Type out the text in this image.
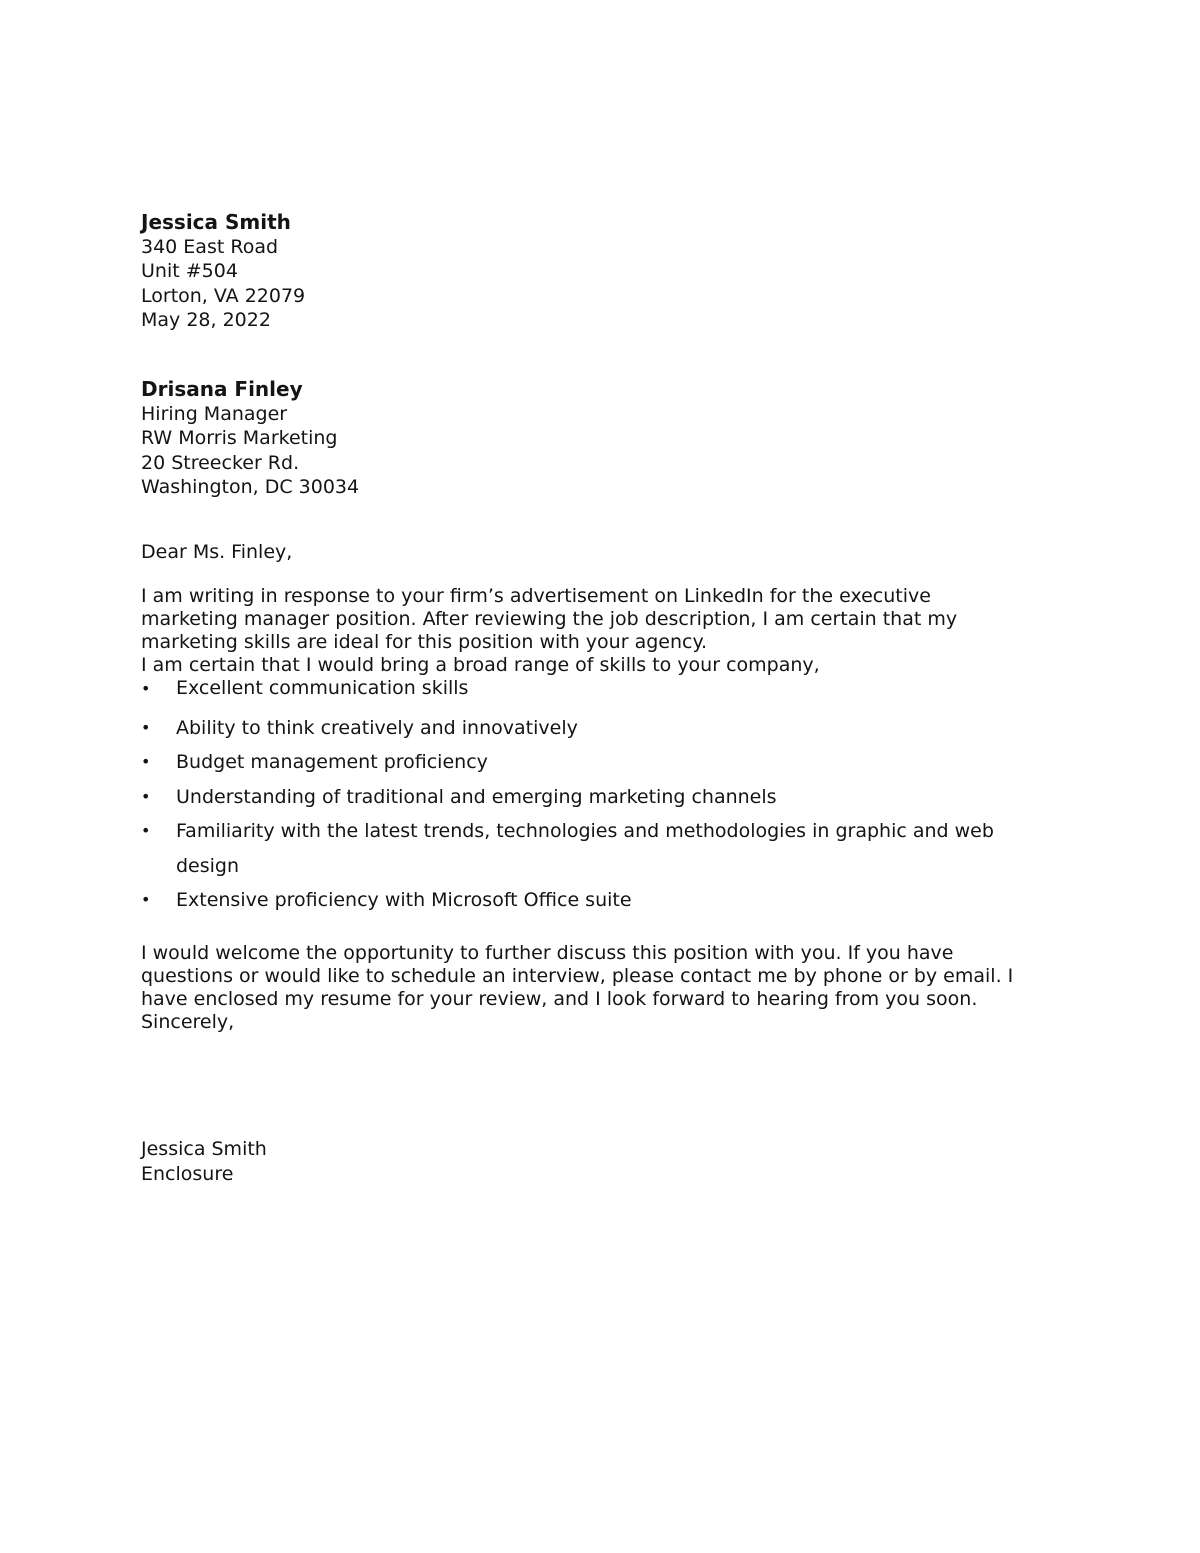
Jessica Smith
340 East Road
Unit #504
Lorton, VA 22079
May 28, 2022
Drisana Finley
Hiring Manager
RW Morris Marketing
20 Streecker Rd.
Washington, DC 30034
Dear Ms. Finley,
I am writing in response to your firm’s advertisement on LinkedIn for the executive
marketing manager position. After reviewing the job description, I am certain that my
marketing skills are ideal for this position with your agency.
I am certain that I would bring a broad range of skills to your company,
• Excellent communication skills
• Ability to think creatively and innovatively
• Budget management proficiency
• Understanding of traditional and emerging marketing channels
• Familiarity with the latest trends, technologies and methodologies in graphic and web design
• Extensive proficiency with Microsoft Office suite
I would welcome the opportunity to further discuss this position with you. If you have
questions or would like to schedule an interview, please contact me by phone or by email. I
have enclosed my resume for your review, and I look forward to hearing from you soon.
Sincerely,
Jessica Smith
Enclosure
